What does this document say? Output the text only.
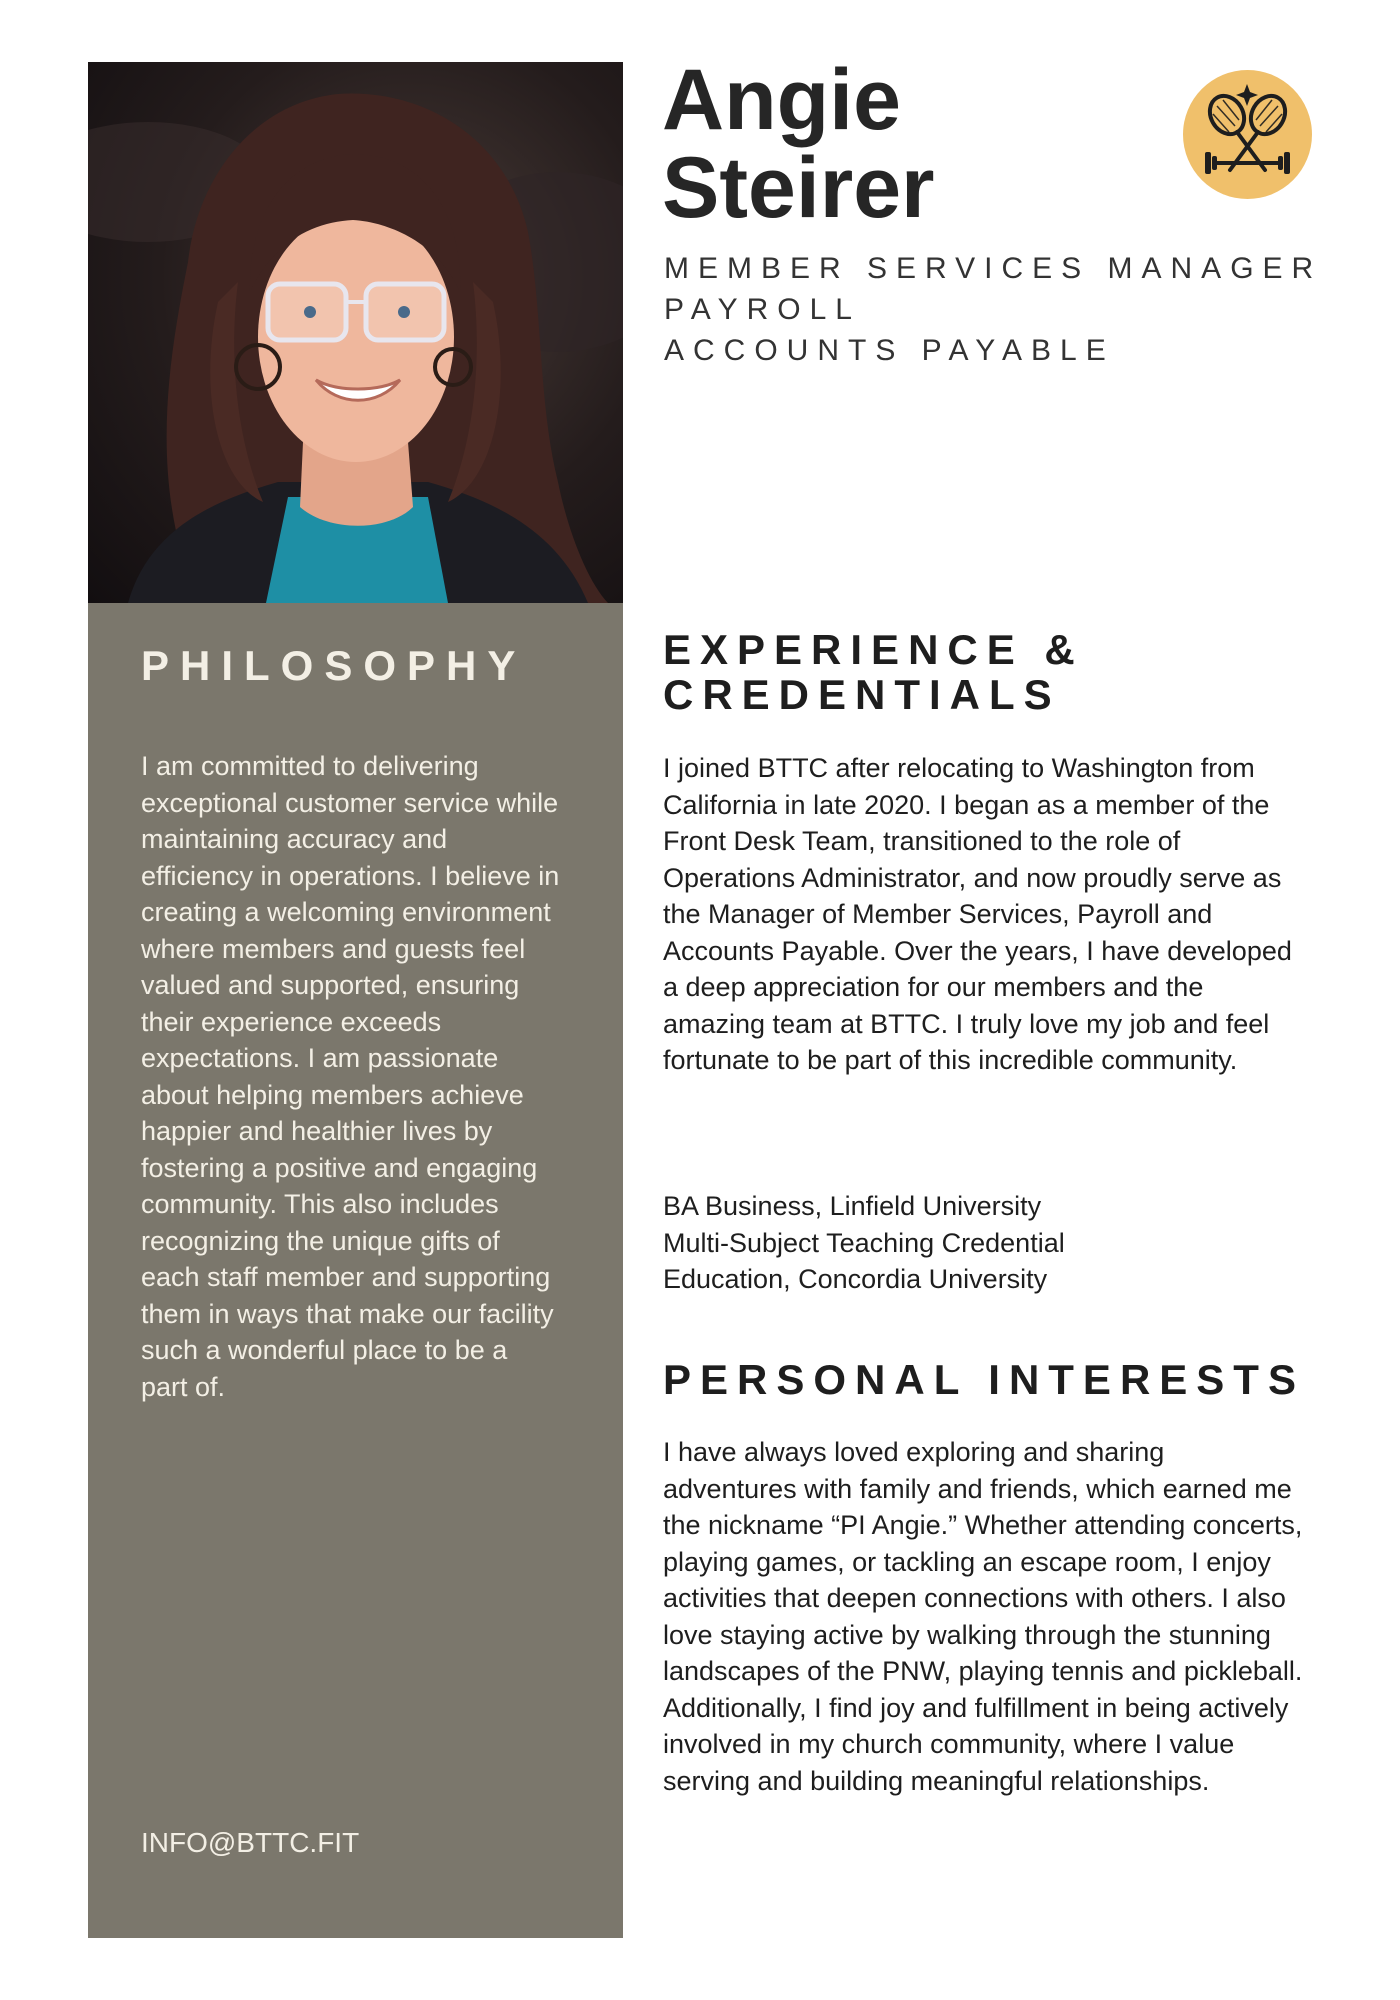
PHILOSOPHY

I am committed to delivering exceptional customer service while maintaining accuracy and efficiency in operations. I believe in creating a welcoming environment where members and guests feel valued and supported, ensuring their experience exceeds expectations. I am passionate about helping members achieve happier and healthier lives by fostering a positive and engaging community. This also includes recognizing the unique gifts of each staff member and supporting them in ways that make our facility such a wonderful place to be a part of.

INFO@BTTC.FIT

Angie
Steirer
MEMBER SERVICES MANAGER
PAYROLL
ACCOUNTS PAYABLE
EXPERIENCE & CREDENTIALS

I joined BTTC after relocating to Washington from California in late 2020. I began as a member of the Front Desk Team, transitioned to the role of Operations Administrator, and now proudly serve as the Manager of Member Services, Payroll and Accounts Payable. Over the years, I have developed a deep appreciation for our members and the amazing team at BTTC. I truly love my job and feel fortunate to be part of this incredible community.

BA Business, Linfield University
Multi-Subject Teaching Credential
Education, Concordia University
PERSONAL INTERESTS

I have always loved exploring and sharing adventures with family and friends, which earned me the nickname “PI Angie.” Whether attending concerts, playing games, or tackling an escape room, I enjoy activities that deepen connections with others. I also love staying active by walking through the stunning landscapes of the PNW, playing tennis and pickleball. Additionally, I find joy and fulfillment in being actively involved in my church community, where I value serving and building meaningful relationships.
